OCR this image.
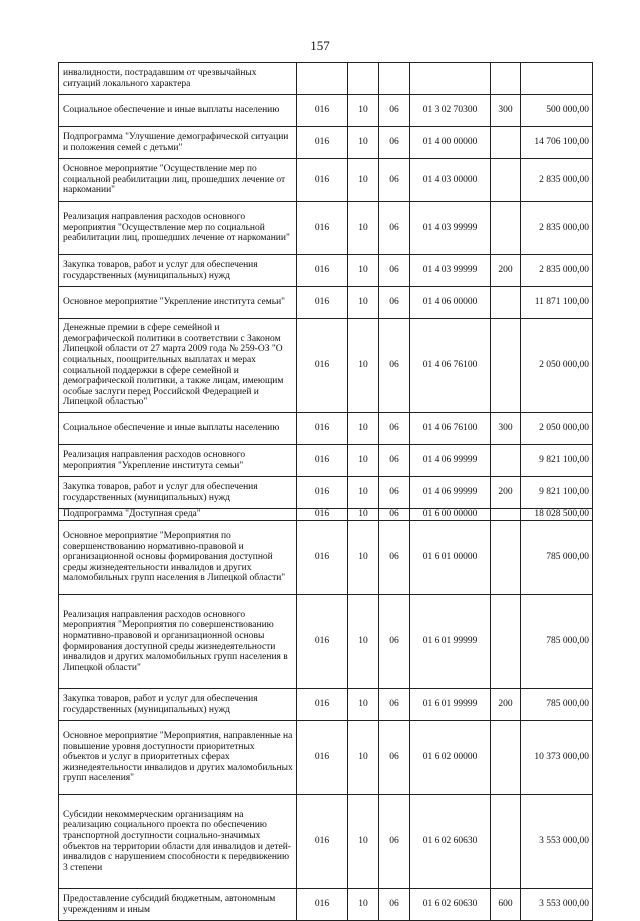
157
инвалидности, пострадавшим от чрезвычайных ситуаций локального характера						
Социальное обеспечение и иные выплаты населению	016	10	06	01 3 02 70300	300	500 000,00
Подпрограмма "Улучшение демографической ситуации и положения семей с детьми"	016	10	06	01 4 00 00000		14 706 100,00
Основное мероприятие "Осуществление мер по социальной реабилитации лиц, прошедших лечение от наркомании"	016	10	06	01 4 03 00000		2 835 000,00
Реализация направления расходов основного мероприятия "Осуществление мер по социальной реабилитации лиц, прошедших лечение от наркомании"	016	10	06	01 4 03 99999		2 835 000,00
Закупка товаров, работ и услуг для обеспечения государственных (муниципальных) нужд	016	10	06	01 4 03 99999	200	2 835 000,00
Основное мероприятие "Укрепление института семьи"	016	10	06	01 4 06 00000		11 871 100,00
Денежные премии в сфере семейной и демографической политики в соответствии с Законом Липецкой области от 27 марта 2009 года № 259-ОЗ "О социальных, поощрительных выплатах и мерах социальной поддержки в сфере семейной и демографической политики, а также лицам, имеющим особые заслуги перед Российской Федерацией и Липецкой областью"	016	10	06	01 4 06 76100		2 050 000,00
Социальное обеспечение и иные выплаты населению	016	10	06	01 4 06 76100	300	2 050 000,00
Реализация направления расходов основного мероприятия "Укрепление института семьи"	016	10	06	01 4 06 99999		9 821 100,00
Закупка товаров, работ и услуг для обеспечения государственных (муниципальных) нужд	016	10	06	01 4 06 99999	200	9 821 100,00
Подпрограмма "Доступная среда"	016	10	06	01 6 00 00000		18 028 500,00
Основное мероприятие "Мероприятия по совершенствованию нормативно-правовой и организационной основы формирования доступной среды жизнедеятельности инвалидов и других маломобильных групп населения в Липецкой области"	016	10	06	01 6 01 00000		785 000,00
Реализация направления расходов основного мероприятия "Мероприятия по совершенствованию нормативно-правовой и организационной основы формирования доступной среды жизнедеятельности инвалидов и других маломобильных групп населения в Липецкой области"	016	10	06	01 6 01 99999		785 000,00
Закупка товаров, работ и услуг для обеспечения государственных (муниципальных) нужд	016	10	06	01 6 01 99999	200	785 000,00
Основное мероприятие "Мероприятия, направленные на повышение уровня доступности приоритетных объектов и услуг в приоритетных сферах жизнедеятельности инвалидов и других маломобильных групп населения"	016	10	06	01 6 02 00000		10 373 000,00
Субсидии некоммерческим организациям на реализацию социального проекта по обеспечению транспортной доступности социально-значимых объектов на территории области для инвалидов и детей-инвалидов с нарушением способности к передвижению 3 степени	016	10	06	01 6 02 60630		3 553 000,00
Предоставление субсидий бюджетным, автономным учреждениям и иным	016	10	06	01 6 02 60630	600	3 553 000,00
